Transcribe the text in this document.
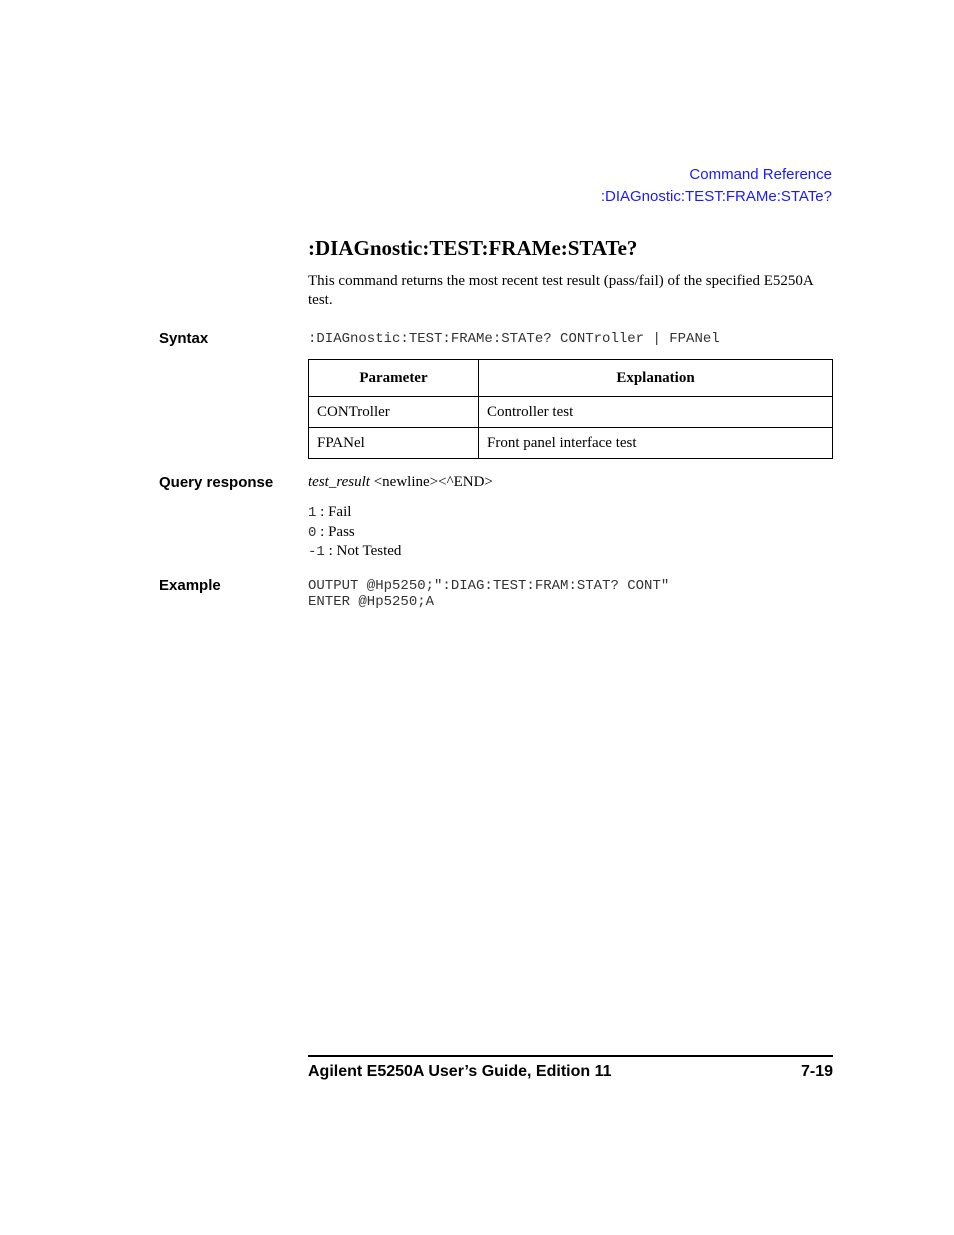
Command Reference
:DIAGnostic:TEST:FRAMe:STATe?
:DIAGnostic:TEST:FRAMe:STATe?
This command returns the most recent test result (pass/fail) of the specified E5250A test.
Syntax	:DIAGnostic:TEST:FRAMe:STATe? CONTroller | FPANel
Parameter	Explanation
CONTroller	Controller test
FPANel	Front panel interface test
Query response test_result <newline><^END>
1 : Fail
0 : Pass
-1 : Not Tested
Example	OUTPUT @Hp5250;":DIAG:TEST:FRAM:STAT? CONT"
ENTER @Hp5250;A
Agilent E5250A User’s Guide, Edition 11	7-19
